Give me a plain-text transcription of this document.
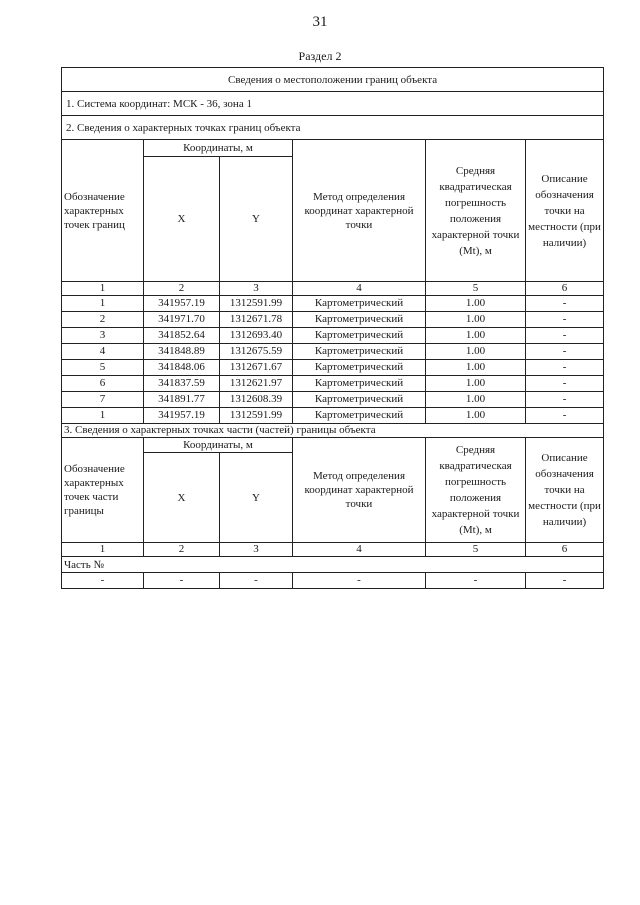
31
Раздел 2
Сведения о местоположении границ объекта					
1. Система координат: МСК - 36, зона 1					
2. Сведения о характерных точках границ объекта					
Обозначение характерных точек границ	Координаты, м		Метод определения координат характерной точки	Средняя квадратическая погрешность положения характерной точки (Mt), м	Описание обозначения точки на местности (при наличии)
	X	Y			
1	2	3	4	5	6
1	341957.19	1312591.99	Картометрический	1.00	-
2	341971.70	1312671.78	Картометрический	1.00	-
3	341852.64	1312693.40	Картометрический	1.00	-
4	341848.89	1312675.59	Картометрический	1.00	-
5	341848.06	1312671.67	Картометрический	1.00	-
6	341837.59	1312621.97	Картометрический	1.00	-
7	341891.77	1312608.39	Картометрический	1.00	-
1	341957.19	1312591.99	Картометрический	1.00	-
3. Сведения о характерных точках части (частей) границы объекта					
Обозначение характерных точек части границы	Координаты, м		Метод определения координат характерной точки	Средняя квадратическая погрешность положения характерной точки (Mt), м	Описание обозначения точки на местности (при наличии)
	X	Y			
1	2	3	4	5	6
Часть №					
-	-	-	-	-	-
